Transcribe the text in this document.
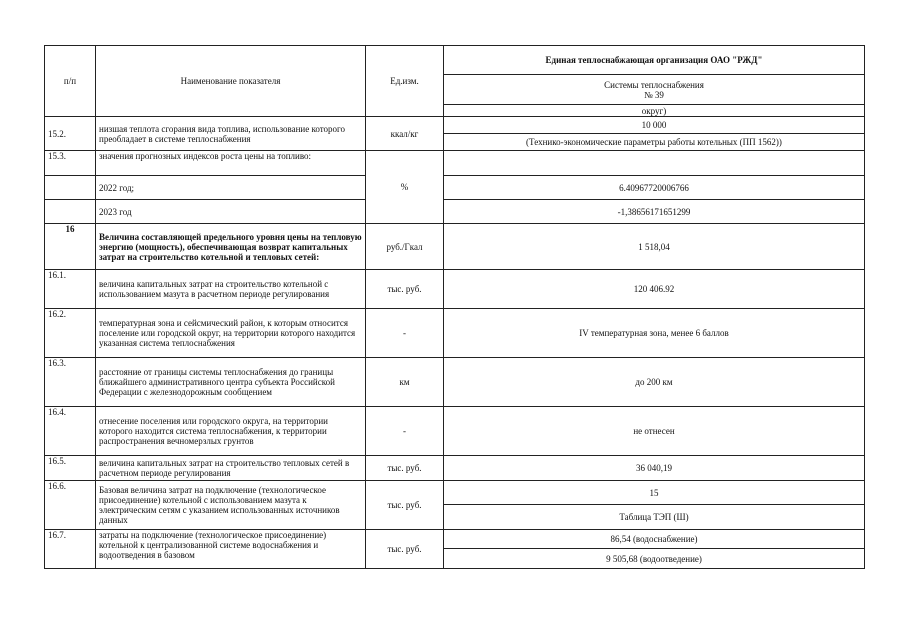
п/п	Наименование показателя	Ед.изм.	Единая теплоснабжающая организация ОАО "РЖД"

			Системы теплоснабжения
№ 39

			округ)
15.2.	низшая теплота сгорания вида топлива, использование которого преобладает в системе теплоснабжения	ккал/кг	10 000
			(Технико-экономические параметры работы котельных (ПП 1562))
15.3.	значения прогнозных индексов роста цены на топливо:	%	
	2022 год;		6.40967720006766
	2023 год		-1,38656171651299
16	Величина составляющей предельного уровня цены на тепловую энергию (мощность), обеспечивающая возврат капитальных затрат на строительство котельной и тепловых сетей:	руб./Гкал	1 518,04
16.1.	величина капитальных затрат на строительство котельной с использованием мазута в расчетном периоде регулирования	тыс. руб.	120 406.92
16.2.	температурная зона и сейсмический район, к которым относится поселение или городской округ, на территории которого находится указанная система теплоснабжения	-	IV температурная зона, менее 6 баллов
16.3.	расстояние от границы системы теплоснабжения до границы ближайшего административного центра субъекта Российской Федерации с железнодорожным сообщением	км	до 200 км
16.4.	отнесение поселения или городского округа, на территории которого находится система теплоснабжения, к территории распространения вечномерзлых грунтов	-	не отнесен
16.5.	величина капитальных затрат на строительство тепловых сетей в расчетном периоде регулирования	тыс. руб.	36 040,19
16.6.	Базовая величина затрат на подключение (технологическое присоединение) котельной с использованием мазута к электрическим сетям с указанием использованных источников данных	тыс. руб.	15
			Таблица ТЭП (Ш)
16.7.	затраты на подключение (технологическое присоединение) котельной к централизованной системе водоснабжения и водоотведения в базовом	тыс. руб.	86,54 (водоснабжение)
			9 505,68 (водоотведение)
